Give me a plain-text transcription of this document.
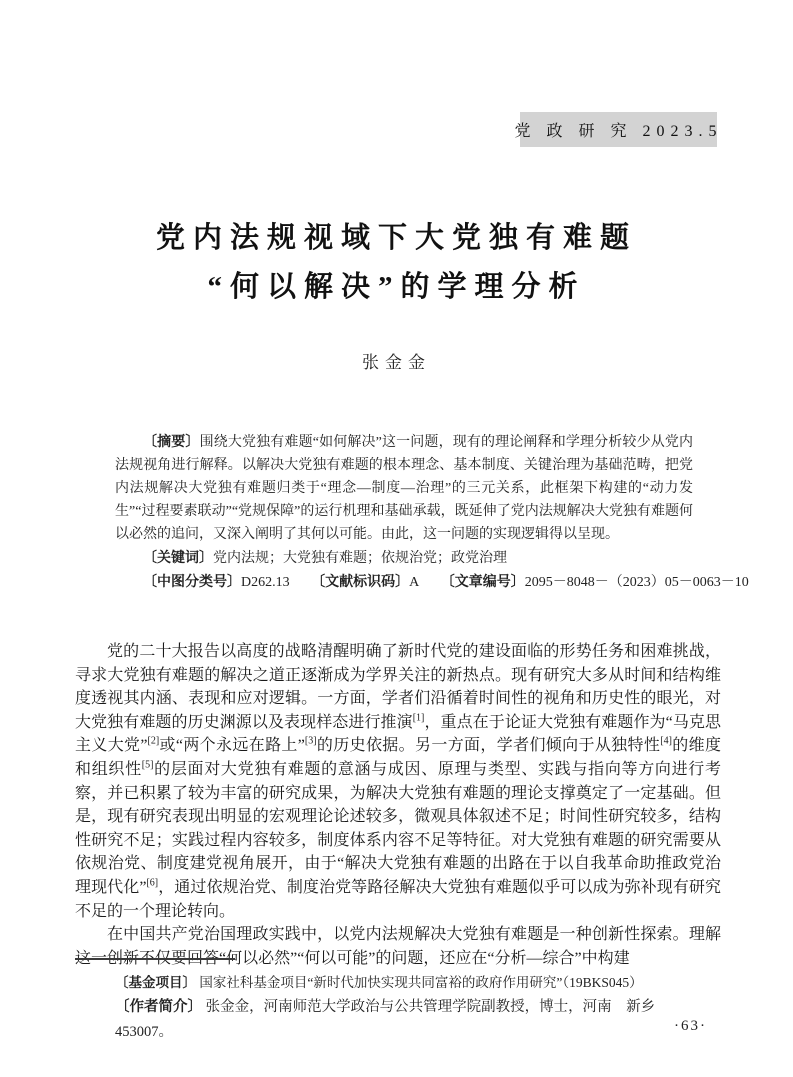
党 政 研 究 2023.5
党内法规视域下大党独有难题
“何以解决”的学理分析
张金金

〔摘要〕围绕大党独有难题“如何解决”这一问题，现有的理论阐释和学理分析较少从党内法规视角进行解释。以解决大党独有难题的根本理念、基本制度、关键治理为基础范畴，把党内法规解决大党独有难题归类于“理念—制度—治理”的三元关系，此框架下构建的“动力发生”“过程要素联动”“党规保障”的运行机理和基础承载，既延伸了党内法规解决大党独有难题何以必然的追问，又深入阐明了其何以可能。由此，这一问题的实现逻辑得以呈现。

〔关键词〕党内法规；大党独有难题；依规治党；政党治理

〔中图分类号〕D262.13 〔文献标识码〕A 〔文章编号〕2095－8048－（2023）05－0063－10

党的二十大报告以高度的战略清醒明确了新时代党的建设面临的形势任务和困难挑战，寻求大党独有难题的解决之道正逐渐成为学界关注的新热点。现有研究大多从时间和结构维度透视其内涵、表现和应对逻辑。一方面，学者们沿循着时间性的视角和历史性的眼光，对大党独有难题的历史渊源以及表现样态进行推演[1]，重点在于论证大党独有难题作为“马克思主义大党”[2]或“两个永远在路上”[3]的历史依据。另一方面，学者们倾向于从独特性[4]的维度和组织性[5]的层面对大党独有难题的意涵与成因、原理与类型、实践与指向等方向进行考察，并已积累了较为丰富的研究成果，为解决大党独有难题的理论支撑奠定了一定基础。但是，现有研究表现出明显的宏观理论论述较多，微观具体叙述不足；时间性研究较多，结构性研究不足；实践过程内容较多，制度体系内容不足等特征。对大党独有难题的研究需要从依规治党、制度建党视角展开，由于“解决大党独有难题的出路在于以自我革命助推政党治理现代化”[6]，通过依规治党、制度治党等路径解决大党独有难题似乎可以成为弥补现有研究不足的一个理论转向。

在中国共产党治国理政实践中，以党内法规解决大党独有难题是一种创新性探索。理解这一创新不仅要回答“何以必然”“何以可能”的问题，还应在“分析—综合”中构建

〔基金项目〕 国家社科基金项目“新时代加快实现共同富裕的政府作用研究”（19BKS045）
〔作者简介〕 张金金，河南师范大学政治与公共管理学院副教授，博士，河南　新乡　453007。	·63·
